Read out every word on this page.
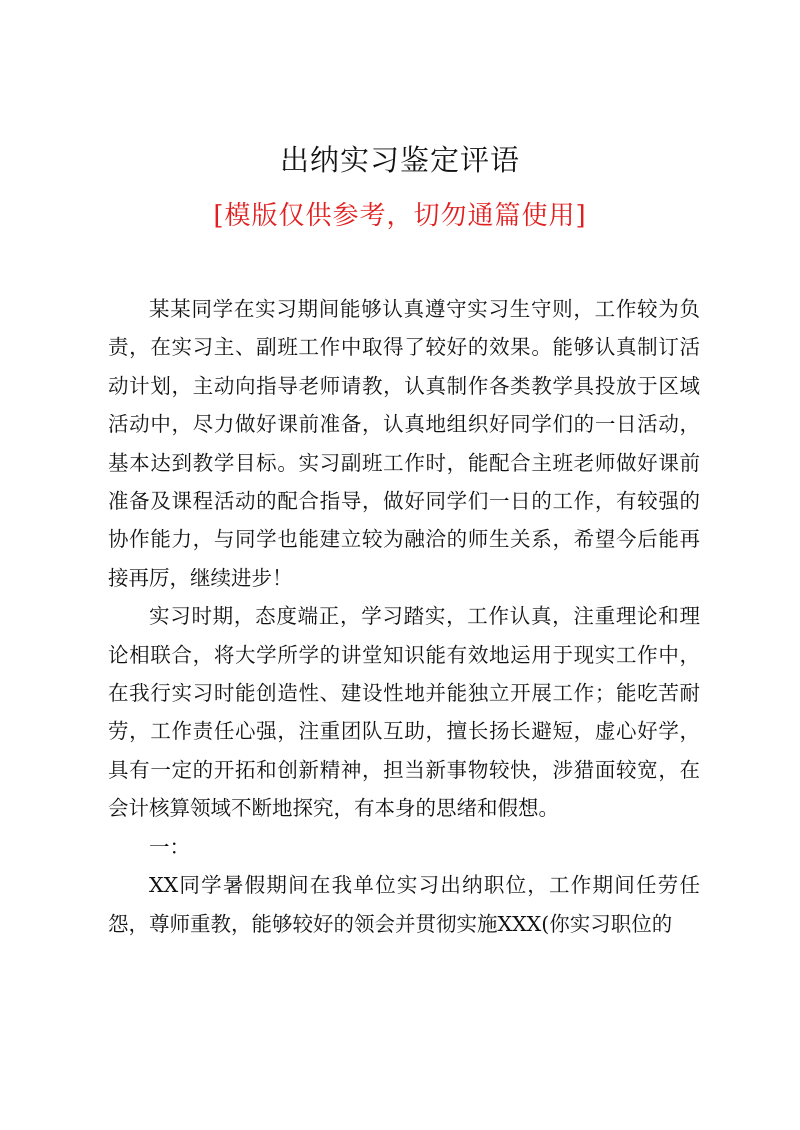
出纳实习鉴定评语
[模版仅供参考，切勿通篇使用]

某某同学在实习期间能够认真遵守实习生守则，工作较为负责，在实习主、副班工作中取得了较好的效果。能够认真制订活动计划，主动向指导老师请教，认真制作各类教学具投放于区域活动中，尽力做好课前准备，认真地组织好同学们的一日活动，基本达到教学目标。实习副班工作时，能配合主班老师做好课前准备及课程活动的配合指导，做好同学们一日的工作，有较强的协作能力，与同学也能建立较为融洽的师生关系，希望今后能再接再厉，继续进步！

实习时期，态度端正，学习踏实，工作认真，注重理论和理论相联合，将大学所学的讲堂知识能有效地运用于现实工作中，在我行实习时能创造性、建设性地并能独立开展工作；能吃苦耐劳，工作责任心强，注重团队互助，擅长扬长避短，虚心好学，具有一定的开拓和创新精神，担当新事物较快，涉猎面较宽，在会计核算领域不断地探究，有本身的思绪和假想。

一：

XX同学暑假期间在我单位实习出纳职位，工作期间任劳任怨，尊师重教，能够较好的领会并贯彻实施XXX(你实习职位的
